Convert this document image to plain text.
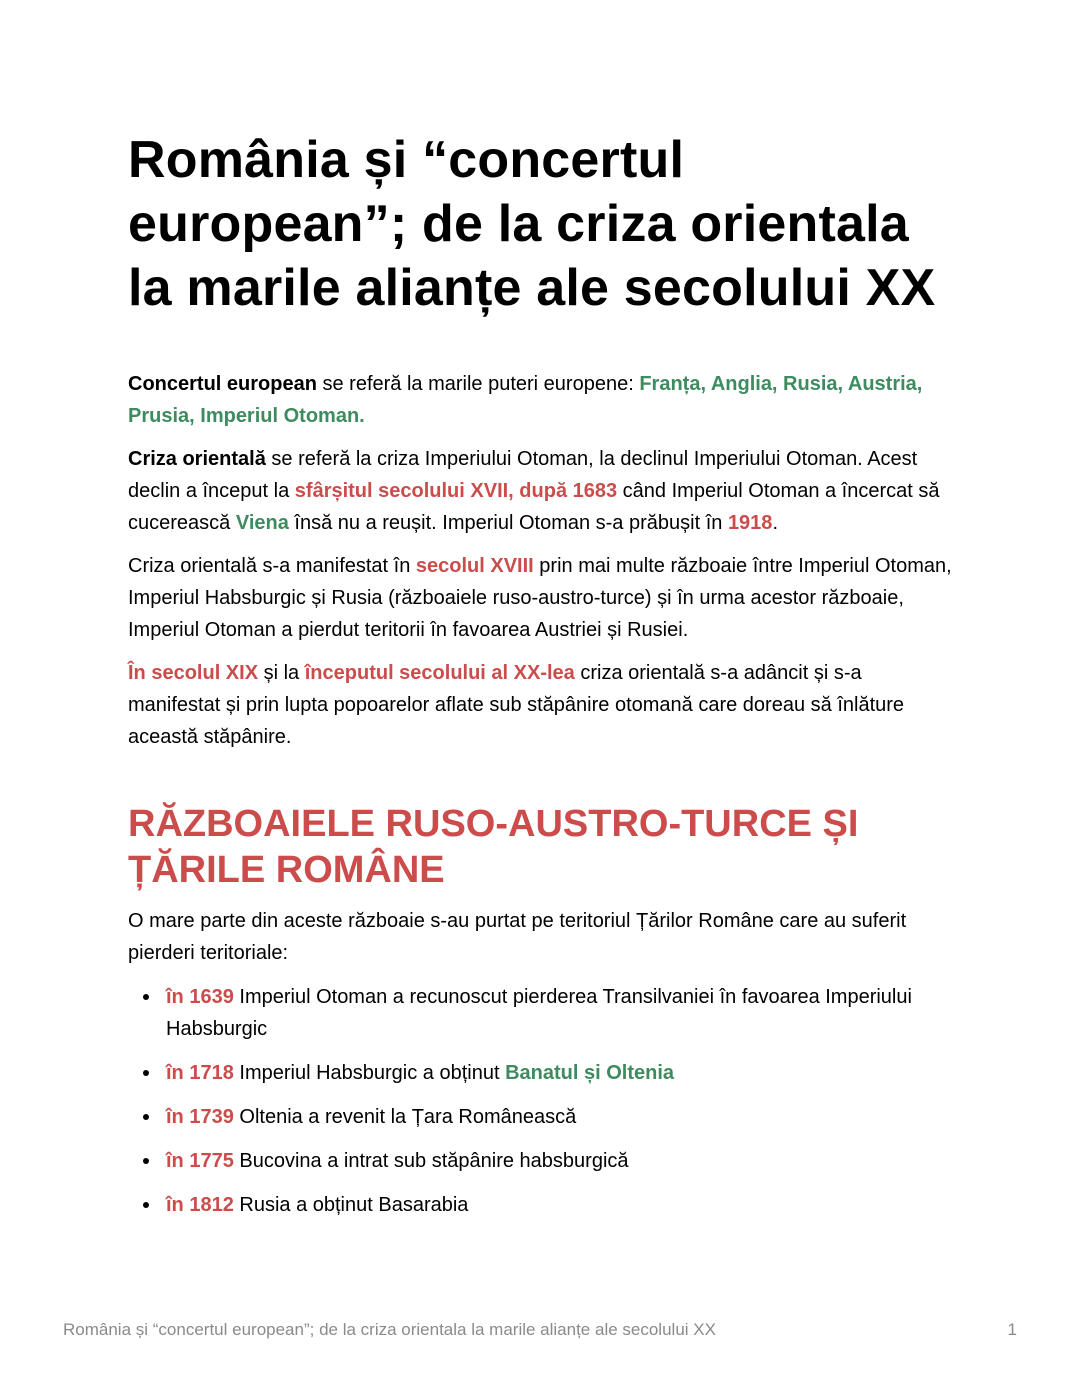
România și “concertul european”; de la criza orientala la marile alianțe ale secolului XX

Concertul european se referă la marile puteri europene: Franța, Anglia, Rusia, Austria, Prusia, Imperiul Otoman.

Criza orientală se referă la criza Imperiului Otoman, la declinul Imperiului Otoman. Acest declin a început la sfârșitul secolului XVII, după 1683 când Imperiul Otoman a încercat să cucerească Viena însă nu a reușit. Imperiul Otoman s-a prăbușit în 1918.

Criza orientală s-a manifestat în secolul XVIII prin mai multe războaie între Imperiul Otoman, Imperiul Habsburgic și Rusia (războaiele ruso-austro-turce) și în urma acestor războaie, Imperiul Otoman a pierdut teritorii în favoarea Austriei și Rusiei.

În secolul XIX și la începutul secolului al XX-lea criza orientală s-a adâncit și s-a manifestat și prin lupta popoarelor aflate sub stăpânire otomană care doreau să înlăture această stăpânire.

RĂZBOAIELE RUSO-AUSTRO-TURCE ȘI ȚĂRILE ROMÂNE

O mare parte din aceste războaie s-au purtat pe teritoriul Țărilor Române care au suferit pierderi teritoriale:

în 1639 Imperiul Otoman a recunoscut pierderea Transilvaniei în favoarea Imperiului Habsburgic
în 1718 Imperiul Habsburgic a obținut Banatul și Oltenia
în 1739 Oltenia a revenit la Țara Românească
în 1775 Bucovina a intrat sub stăpânire habsburgică
în 1812 Rusia a obținut Basarabia
România și “concertul european”; de la criza orientala la marile alianțe ale secolului XX	1
